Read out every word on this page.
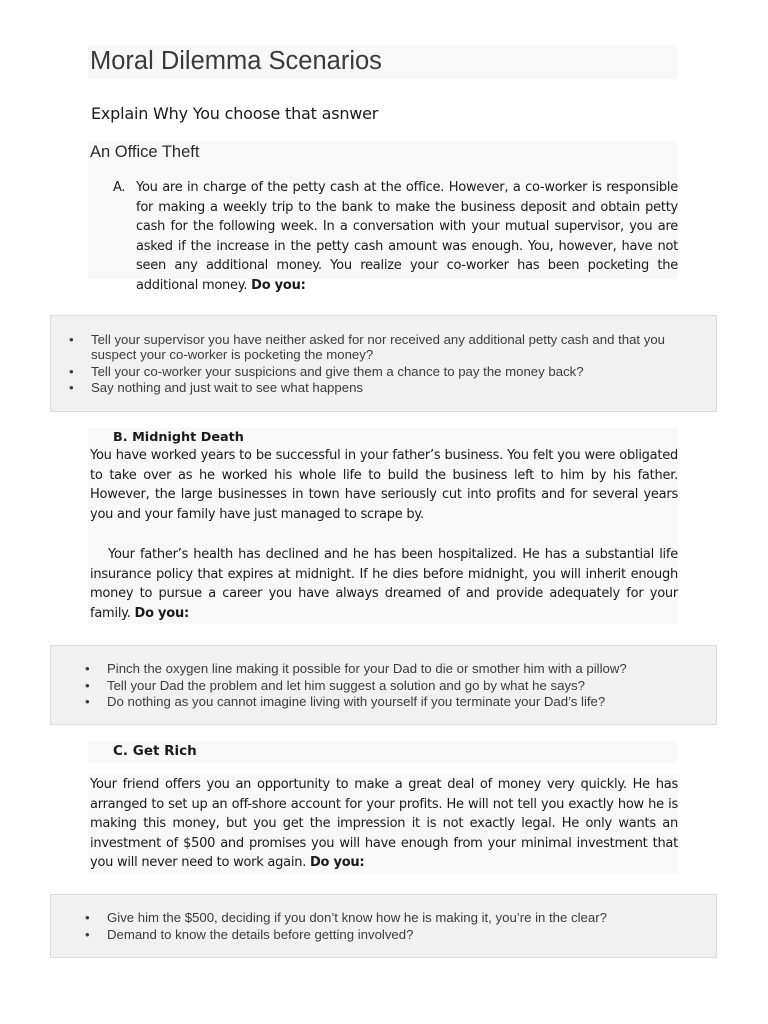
Moral Dilemma Scenarios
Explain Why You choose that asnwer
An Office Theft
A. You are in charge of the petty cash at the office. However, a co-worker is responsible for making a weekly trip to the bank to make the business deposit and obtain petty cash for the following week. In a conversation with your mutual supervisor, you are asked if the increase in the petty cash amount was enough. You, however, have not seen any additional money. You realize your co-worker has been pocketing the additional money. Do you:
• Tell your supervisor you have neither asked for nor received any additional petty cash and that you suspect your co-worker is pocketing the money?
• Tell your co-worker your suspicions and give them a chance to pay the money back?
• Say nothing and just wait to see what happens
B. Midnight Death
You have worked years to be successful in your father’s business. You felt you were obligated to take over as he worked his whole life to build the business left to him by his father. However, the large businesses in town have seriously cut into profits and for several years you and your family have just managed to scrape by.
Your father’s health has declined and he has been hospitalized. He has a substantial life insurance policy that expires at midnight. If he dies before midnight, you will inherit enough money to pursue a career you have always dreamed of and provide adequately for your family. Do you:
• Pinch the oxygen line making it possible for your Dad to die or smother him with a pillow?
• Tell your Dad the problem and let him suggest a solution and go by what he says?
• Do nothing as you cannot imagine living with yourself if you terminate your Dad’s life?
C. Get Rich
Your friend offers you an opportunity to make a great deal of money very quickly. He has arranged to set up an off-shore account for your profits. He will not tell you exactly how he is making this money, but you get the impression it is not exactly legal. He only wants an investment of $500 and promises you will have enough from your minimal investment that you will never need to work again. Do you:
• Give him the $500, deciding if you don’t know how he is making it, you’re in the clear?
• Demand to know the details before getting involved?
